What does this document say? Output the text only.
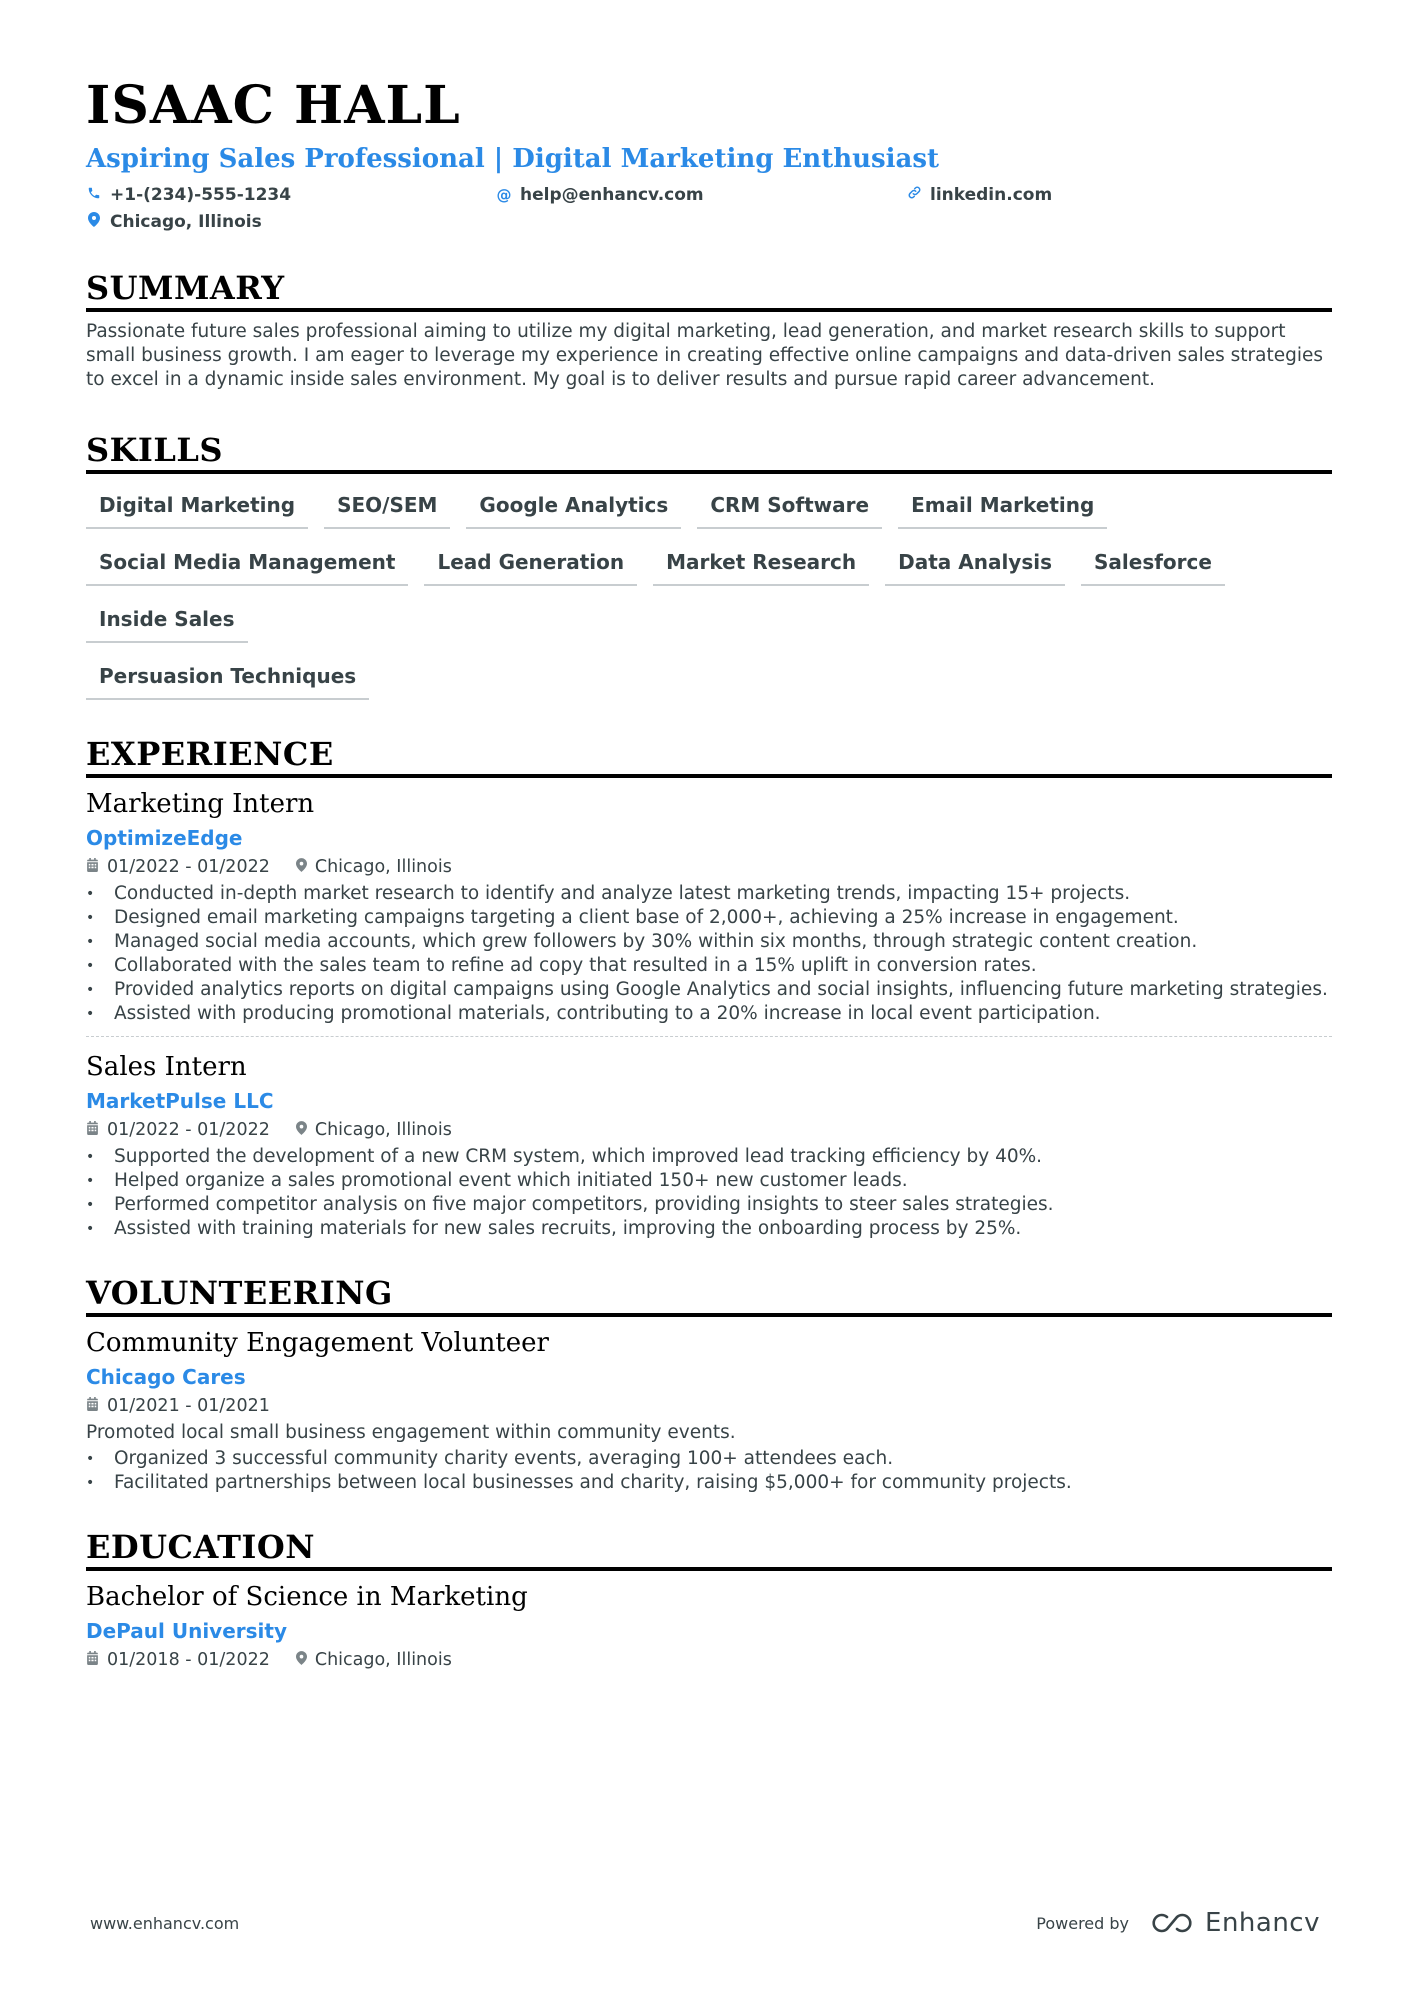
ISAAC HALL
Aspiring Sales Professional | Digital Marketing Enthusiast
+1-(234)-555-1234	@ help@enhancv.com	linkedin.com
Chicago, Illinois
SUMMARY
Passionate future sales professional aiming to utilize my digital marketing, lead generation, and market research skills to support small business growth. I am eager to leverage my experience in creating effective online campaigns and data-driven sales strategies to excel in a dynamic inside sales environment. My goal is to deliver results and pursue rapid career advancement.
SKILLS
Digital Marketing	SEO/SEM	Google Analytics	CRM Software	Email Marketing
Social Media Management	Lead Generation	Market Research	Data Analysis	Salesforce
Inside Sales
Persuasion Techniques
EXPERIENCE
Marketing Intern
OptimizeEdge
01/2022 - 01/2022	Chicago, Illinois
• Conducted in-depth market research to identify and analyze latest marketing trends, impacting 15+ projects.
• Designed email marketing campaigns targeting a client base of 2,000+, achieving a 25% increase in engagement.
• Managed social media accounts, which grew followers by 30% within six months, through strategic content creation.
• Collaborated with the sales team to refine ad copy that resulted in a 15% uplift in conversion rates.
• Provided analytics reports on digital campaigns using Google Analytics and social insights, influencing future marketing strategies.
• Assisted with producing promotional materials, contributing to a 20% increase in local event participation.
Sales Intern
MarketPulse LLC
01/2022 - 01/2022	Chicago, Illinois
• Supported the development of a new CRM system, which improved lead tracking efficiency by 40%.
• Helped organize a sales promotional event which initiated 150+ new customer leads.
• Performed competitor analysis on five major competitors, providing insights to steer sales strategies.
• Assisted with training materials for new sales recruits, improving the onboarding process by 25%.
VOLUNTEERING
Community Engagement Volunteer
Chicago Cares
01/2021 - 01/2021
Promoted local small business engagement within community events.
• Organized 3 successful community charity events, averaging 100+ attendees each.
• Facilitated partnerships between local businesses and charity, raising $5,000+ for community projects.
EDUCATION
Bachelor of Science in Marketing
DePaul University
01/2018 - 01/2022	Chicago, Illinois
www.enhancv.com	Powered by	Enhancv
